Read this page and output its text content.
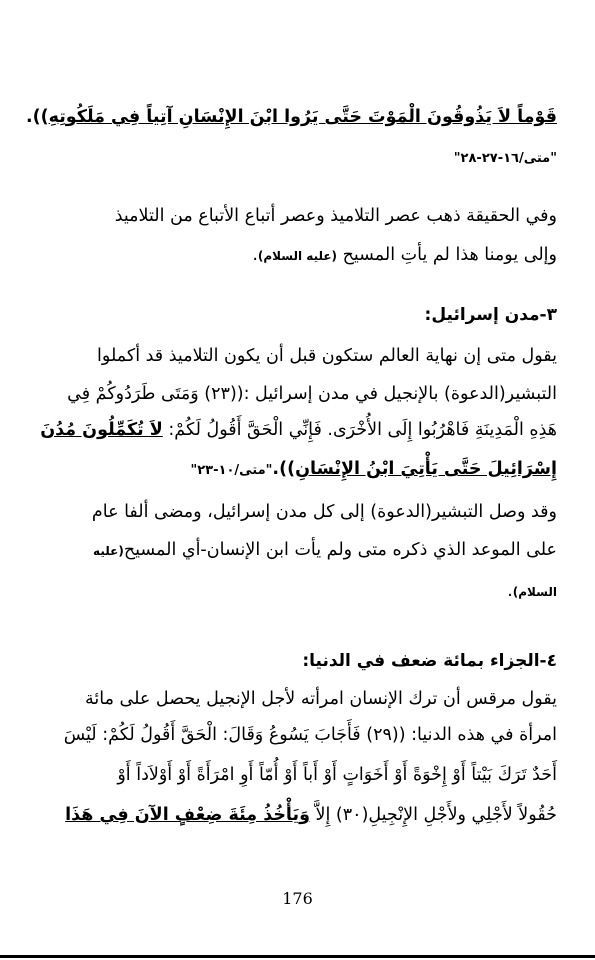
قَوْماً لاَ يَذُوقُونَ الْمَوْتَ حَتَّى يَرُوا ابْنَ الإِنْسَانِ آتِياً فِي مَلَكُوتِهِ)).
"متى/١٦-٢٧-٢٨"
وفي الحقيقة ذهب عصر التلاميذ وعصر أتباع الأتباع من التلاميذ
وإلى يومنا هذا لم يأتِ المسيح (عليه السلام).
٣-مدن إسرائيل:
يقول متى إن نهاية العالم ستكون قبل أن يكون التلاميذ قد أكملوا
التبشير(الدعوة) بالإنجيل في مدن إسرائيل :((٢٣) وَمَتَى طَرَدُوكُمْ فِي
هَذِهِ الْمَدِينَةِ فَاهْرُبُوا إِلَى الأُخْرَى. فَإِنِّي الْحَقَّ أَقُولُ لَكُمْ: لاَ تُكَمِّلُونَ مُدُنَ
إِسْرَائِيلَ حَتَّى يَأْتِيَ ابْنُ الإِنْسَانِ))."متى/١٠-٢٣"
وقد وصل التبشير(الدعوة) إلى كل مدن إسرائيل، ومضى ألفا عام
على الموعد الذي ذكره متى ولم يأت ابن الإنسان-أي المسيح(عليه
السلام).
٤-الجزاء بمائة ضعف في الدنيا:
يقول مرقس أن ترك الإنسان امرأته لأجل الإنجيل يحصل على مائة
امرأة في هذه الدنيا: ((٢٩) فَأَجَابَ يَسُوعُ وَقَالَ: الْحَقَّ أَقُولُ لَكُمْ: لَيْسَ
أَحَدٌ تَرَكَ بَيْتاً أَوْ إِخْوَةً أَوْ أَخَوَاتٍ أَوْ أَباً أَوْ أُمّاً أَوِ امْرَأَةً أَوْ أَوْلاَداً أَوْ
حُقُولاً لأَجْلِي ولأَجْلِ الإِنْجِيلِ(٣٠) إِلاَّ وَيَأْخُذُ مِئَةَ ضِعْفٍ الآنَ فِي هَذَا
176
